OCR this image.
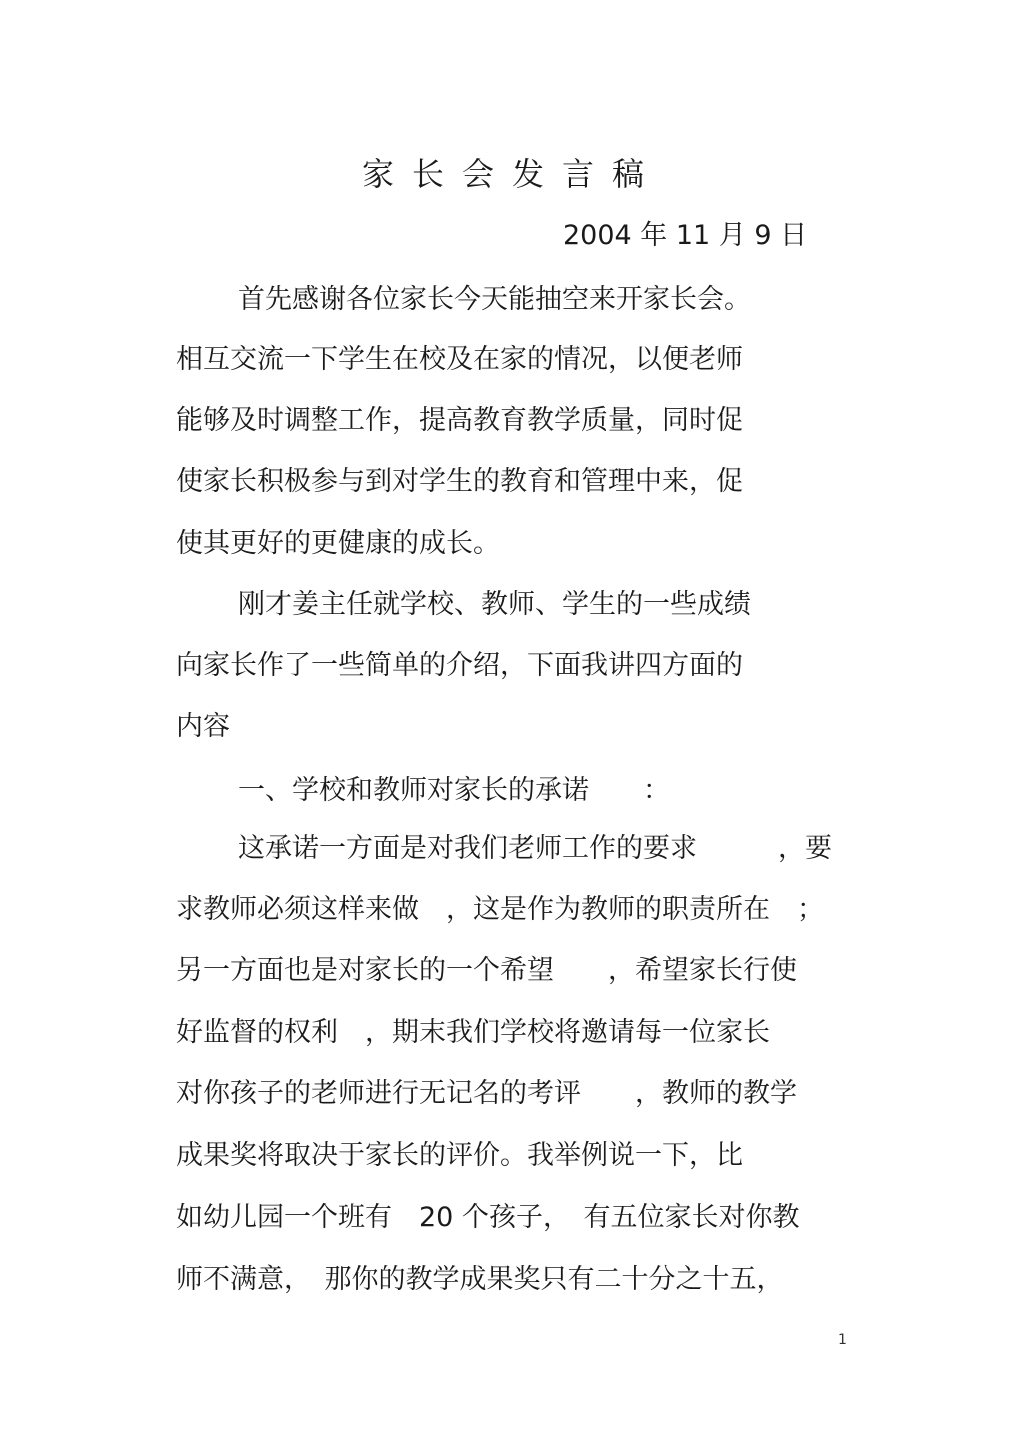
家长会发言稿
2004 年 11 月 9 日
首先感谢各位家长今天能抽空来开家长会。
相互交流一下学生在校及在家的情况，以便老师
能够及时调整工作，提高教育教学质量，同时促
使家长积极参与到对学生的教育和管理中来，促
使其更好的更健康的成长。
刚才姜主任就学校、教师、学生的一些成绩
向家长作了一些简单的介绍，下面我讲四方面的
内容
一、学校和教师对家长的承诺　　：
这承诺一方面是对我们老师工作的要求　　　，要
求教师必须这样来做　，这是作为教师的职责所在　；
另一方面也是对家长的一个希望　　，希望家长行使
好监督的权利　，期末我们学校将邀请每一位家长
对你孩子的老师进行无记名的考评　　，教师的教学
成果奖将取决于家长的评价。我举例说一下，比
如幼儿园一个班有　20 个孩子，　有五位家长对你教
师不满意，　那你的教学成果奖只有二十分之十五，
1
